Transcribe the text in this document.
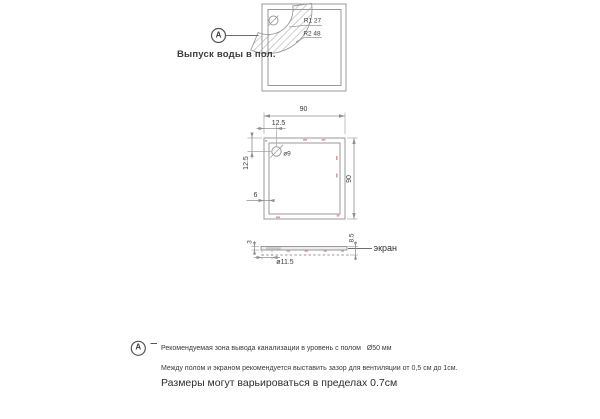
A
Выпуск воды в пол.
R1 27
R2 48
90
12.5
ø9
12.5
6
90
3	8.5
ø11.5
экран
A	Рекомендуемая зона вывода канализации в уровень с полом   Ø50 мм
Между полом и экраном рекомендуется выставить зазор для вентиляции от 0,5 см до 1см.
Размеры могут варьироваться в пределах 0.7см
